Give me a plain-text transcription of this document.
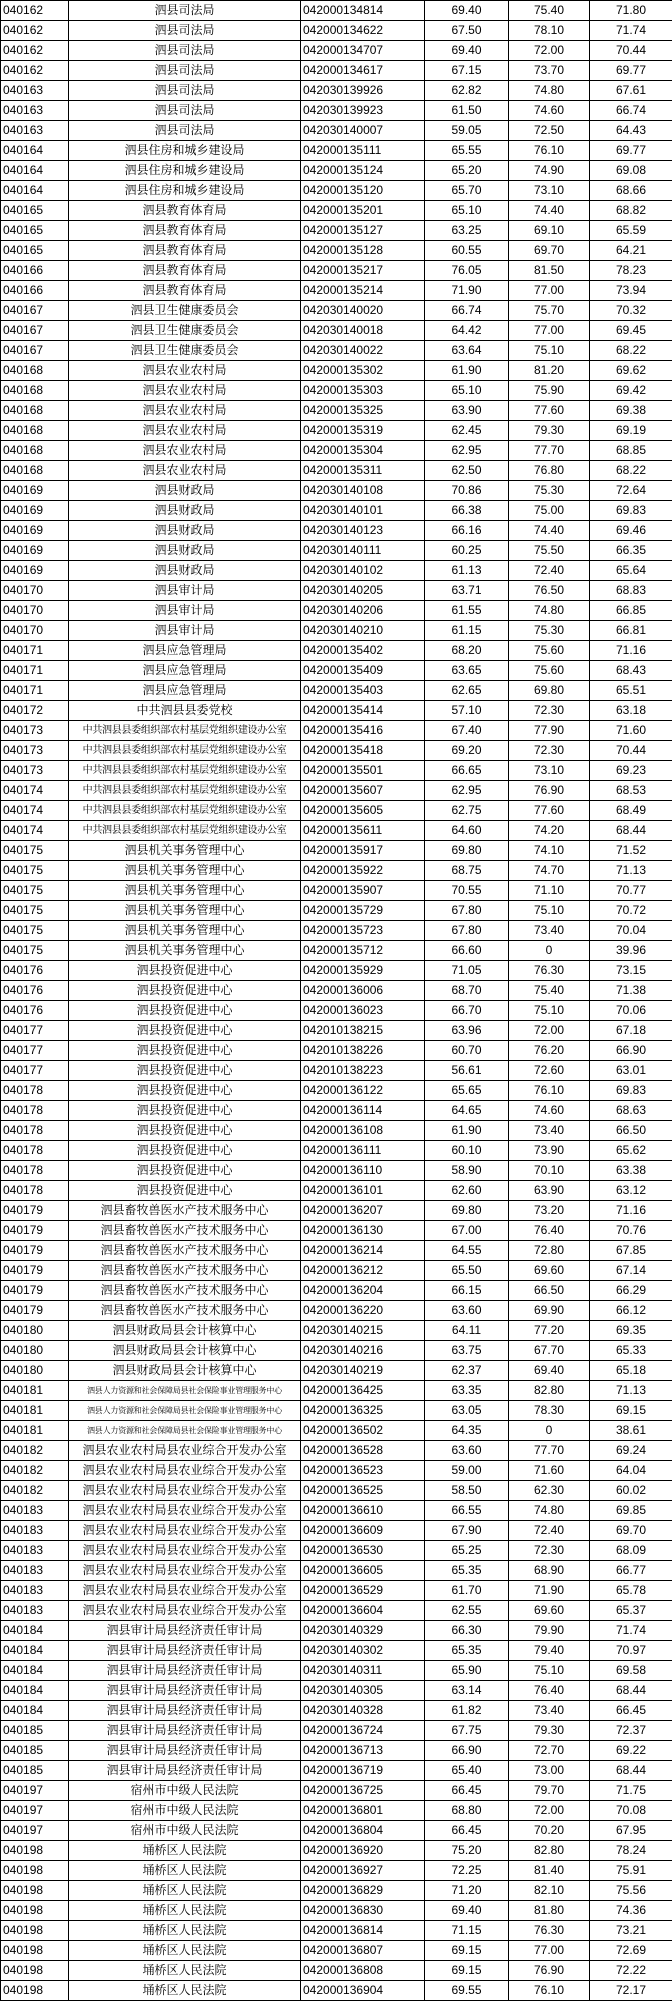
040162	泗县司法局	042000134814	69.40	75.40	71.80
040162	泗县司法局	042000134622	67.50	78.10	71.74
040162	泗县司法局	042000134707	69.40	72.00	70.44
040162	泗县司法局	042000134617	67.15	73.70	69.77
040163	泗县司法局	042030139926	62.82	74.80	67.61
040163	泗县司法局	042030139923	61.50	74.60	66.74
040163	泗县司法局	042030140007	59.05	72.50	64.43
040164	泗县住房和城乡建设局	042000135111	65.55	76.10	69.77
040164	泗县住房和城乡建设局	042000135124	65.20	74.90	69.08
040164	泗县住房和城乡建设局	042000135120	65.70	73.10	68.66
040165	泗县教育体育局	042000135201	65.10	74.40	68.82
040165	泗县教育体育局	042000135127	63.25	69.10	65.59
040165	泗县教育体育局	042000135128	60.55	69.70	64.21
040166	泗县教育体育局	042000135217	76.05	81.50	78.23
040166	泗县教育体育局	042000135214	71.90	77.00	73.94
040167	泗县卫生健康委员会	042030140020	66.74	75.70	70.32
040167	泗县卫生健康委员会	042030140018	64.42	77.00	69.45
040167	泗县卫生健康委员会	042030140022	63.64	75.10	68.22
040168	泗县农业农村局	042000135302	61.90	81.20	69.62
040168	泗县农业农村局	042000135303	65.10	75.90	69.42
040168	泗县农业农村局	042000135325	63.90	77.60	69.38
040168	泗县农业农村局	042000135319	62.45	79.30	69.19
040168	泗县农业农村局	042000135304	62.95	77.70	68.85
040168	泗县农业农村局	042000135311	62.50	76.80	68.22
040169	泗县财政局	042030140108	70.86	75.30	72.64
040169	泗县财政局	042030140101	66.38	75.00	69.83
040169	泗县财政局	042030140123	66.16	74.40	69.46
040169	泗县财政局	042030140111	60.25	75.50	66.35
040169	泗县财政局	042030140102	61.13	72.40	65.64
040170	泗县审计局	042030140205	63.71	76.50	68.83
040170	泗县审计局	042030140206	61.55	74.80	66.85
040170	泗县审计局	042030140210	61.15	75.30	66.81
040171	泗县应急管理局	042000135402	68.20	75.60	71.16
040171	泗县应急管理局	042000135409	63.65	75.60	68.43
040171	泗县应急管理局	042000135403	62.65	69.80	65.51
040172	中共泗县县委党校	042000135414	57.10	72.30	63.18
040173	中共泗县县委组织部农村基层党组织建设办公室	042000135416	67.40	77.90	71.60
040173	中共泗县县委组织部农村基层党组织建设办公室	042000135418	69.20	72.30	70.44
040173	中共泗县县委组织部农村基层党组织建设办公室	042000135501	66.65	73.10	69.23
040174	中共泗县县委组织部农村基层党组织建设办公室	042000135607	62.95	76.90	68.53
040174	中共泗县县委组织部农村基层党组织建设办公室	042000135605	62.75	77.60	68.49
040174	中共泗县县委组织部农村基层党组织建设办公室	042000135611	64.60	74.20	68.44
040175	泗县机关事务管理中心	042000135917	69.80	74.10	71.52
040175	泗县机关事务管理中心	042000135922	68.75	74.70	71.13
040175	泗县机关事务管理中心	042000135907	70.55	71.10	70.77
040175	泗县机关事务管理中心	042000135729	67.80	75.10	70.72
040175	泗县机关事务管理中心	042000135723	67.80	73.40	70.04
040175	泗县机关事务管理中心	042000135712	66.60	0	39.96
040176	泗县投资促进中心	042000135929	71.05	76.30	73.15
040176	泗县投资促进中心	042000136006	68.70	75.40	71.38
040176	泗县投资促进中心	042000136023	66.70	75.10	70.06
040177	泗县投资促进中心	042010138215	63.96	72.00	67.18
040177	泗县投资促进中心	042010138226	60.70	76.20	66.90
040177	泗县投资促进中心	042010138223	56.61	72.60	63.01
040178	泗县投资促进中心	042000136122	65.65	76.10	69.83
040178	泗县投资促进中心	042000136114	64.65	74.60	68.63
040178	泗县投资促进中心	042000136108	61.90	73.40	66.50
040178	泗县投资促进中心	042000136111	60.10	73.90	65.62
040178	泗县投资促进中心	042000136110	58.90	70.10	63.38
040178	泗县投资促进中心	042000136101	62.60	63.90	63.12
040179	泗县畜牧兽医水产技术服务中心	042000136207	69.80	73.20	71.16
040179	泗县畜牧兽医水产技术服务中心	042000136130	67.00	76.40	70.76
040179	泗县畜牧兽医水产技术服务中心	042000136214	64.55	72.80	67.85
040179	泗县畜牧兽医水产技术服务中心	042000136212	65.50	69.60	67.14
040179	泗县畜牧兽医水产技术服务中心	042000136204	66.15	66.50	66.29
040179	泗县畜牧兽医水产技术服务中心	042000136220	63.60	69.90	66.12
040180	泗县财政局县会计核算中心	042030140215	64.11	77.20	69.35
040180	泗县财政局县会计核算中心	042030140216	63.75	67.70	65.33
040180	泗县财政局县会计核算中心	042030140219	62.37	69.40	65.18
040181	泗县人力资源和社会保障局县社会保险事业管理服务中心	042000136425	63.35	82.80	71.13
040181	泗县人力资源和社会保障局县社会保险事业管理服务中心	042000136325	63.05	78.30	69.15
040181	泗县人力资源和社会保障局县社会保险事业管理服务中心	042000136502	64.35	0	38.61
040182	泗县农业农村局县农业综合开发办公室	042000136528	63.60	77.70	69.24
040182	泗县农业农村局县农业综合开发办公室	042000136523	59.00	71.60	64.04
040182	泗县农业农村局县农业综合开发办公室	042000136525	58.50	62.30	60.02
040183	泗县农业农村局县农业综合开发办公室	042000136610	66.55	74.80	69.85
040183	泗县农业农村局县农业综合开发办公室	042000136609	67.90	72.40	69.70
040183	泗县农业农村局县农业综合开发办公室	042000136530	65.25	72.30	68.09
040183	泗县农业农村局县农业综合开发办公室	042000136605	65.35	68.90	66.77
040183	泗县农业农村局县农业综合开发办公室	042000136529	61.70	71.90	65.78
040183	泗县农业农村局县农业综合开发办公室	042000136604	62.55	69.60	65.37
040184	泗县审计局县经济责任审计局	042030140329	66.30	79.90	71.74
040184	泗县审计局县经济责任审计局	042030140302	65.35	79.40	70.97
040184	泗县审计局县经济责任审计局	042030140311	65.90	75.10	69.58
040184	泗县审计局县经济责任审计局	042030140305	63.14	76.40	68.44
040184	泗县审计局县经济责任审计局	042030140328	61.82	73.40	66.45
040185	泗县审计局县经济责任审计局	042000136724	67.75	79.30	72.37
040185	泗县审计局县经济责任审计局	042000136713	66.90	72.70	69.22
040185	泗县审计局县经济责任审计局	042000136719	65.40	73.00	68.44
040197	宿州市中级人民法院	042000136725	66.45	79.70	71.75
040197	宿州市中级人民法院	042000136801	68.80	72.00	70.08
040197	宿州市中级人民法院	042000136804	66.45	70.20	67.95
040198	埇桥区人民法院	042000136920	75.20	82.80	78.24
040198	埇桥区人民法院	042000136927	72.25	81.40	75.91
040198	埇桥区人民法院	042000136829	71.20	82.10	75.56
040198	埇桥区人民法院	042000136830	69.40	81.80	74.36
040198	埇桥区人民法院	042000136814	71.15	76.30	73.21
040198	埇桥区人民法院	042000136807	69.15	77.00	72.69
040198	埇桥区人民法院	042000136808	69.15	76.90	72.22
040198	埇桥区人民法院	042000136904	69.55	76.10	72.17
